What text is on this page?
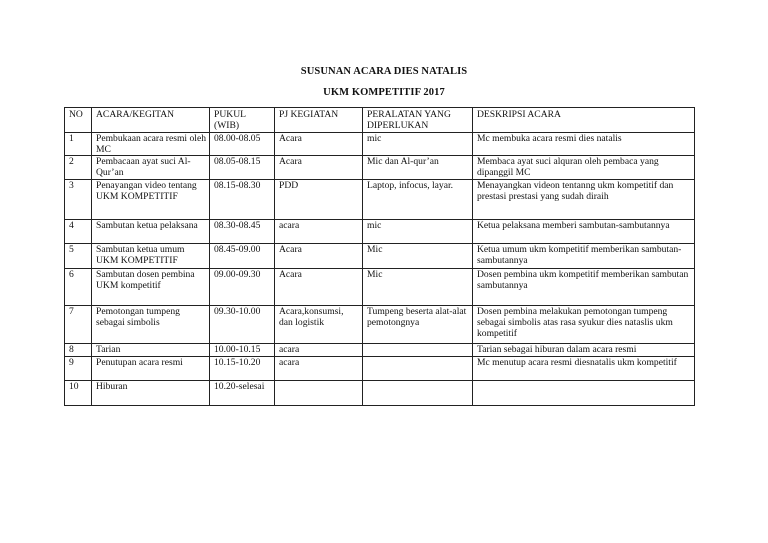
SUSUNAN ACARA DIES NATALIS
UKM KOMPETITIF 2017
NO	ACARA/KEGITAN	PUKUL (WIB)	PJ KEGIATAN	PERALATAN YANG DIPERLUKAN	DESKRIPSI ACARA
1	Pembukaan acara resmi oleh MC	08.00-08.05	Acara	mic	Mc membuka acara resmi dies natalis
2	Pembacaan ayat suci Al-Qur’an	08.05-08.15	Acara	Mic dan Al-qur’an	Membaca ayat suci alquran oleh pembaca yang dipanggil MC
3	Penayangan video tentang UKM KOMPETITIF	08.15-08.30	PDD	Laptop, infocus, layar.	Menayangkan videon tentanng ukm kompetitif dan prestasi prestasi yang sudah diraih
4	Sambutan ketua pelaksana	08.30-08.45	acara	mic	Ketua pelaksana memberi sambutan-sambutannya
5	Sambutan ketua umum UKM KOMPETITIF	08.45-09.00	Acara	Mic	Ketua umum ukm kompetitif memberikan sambutan- sambutannya
6	Sambutan dosen pembina UKM kompetitif	09.00-09.30	Acara	Mic	Dosen pembina ukm kompetitif memberikan sambutan sambutannya
7	Pemotongan tumpeng sebagai simbolis	09.30-10.00	Acara,konsumsi, dan logistik	Tumpeng beserta alat-alat pemotongnya	Dosen pembina melakukan pemotongan tumpeng sebagai simbolis atas rasa syukur dies nataslis ukm kompetitif
8	Tarian	10.00-10.15	acara		Tarian sebagai hiburan dalam acara resmi
9	Penutupan acara resmi	10.15-10.20	acara		Mc menutup acara resmi diesnatalis ukm kompetitif
10	Hiburan	10.20-selesai			
